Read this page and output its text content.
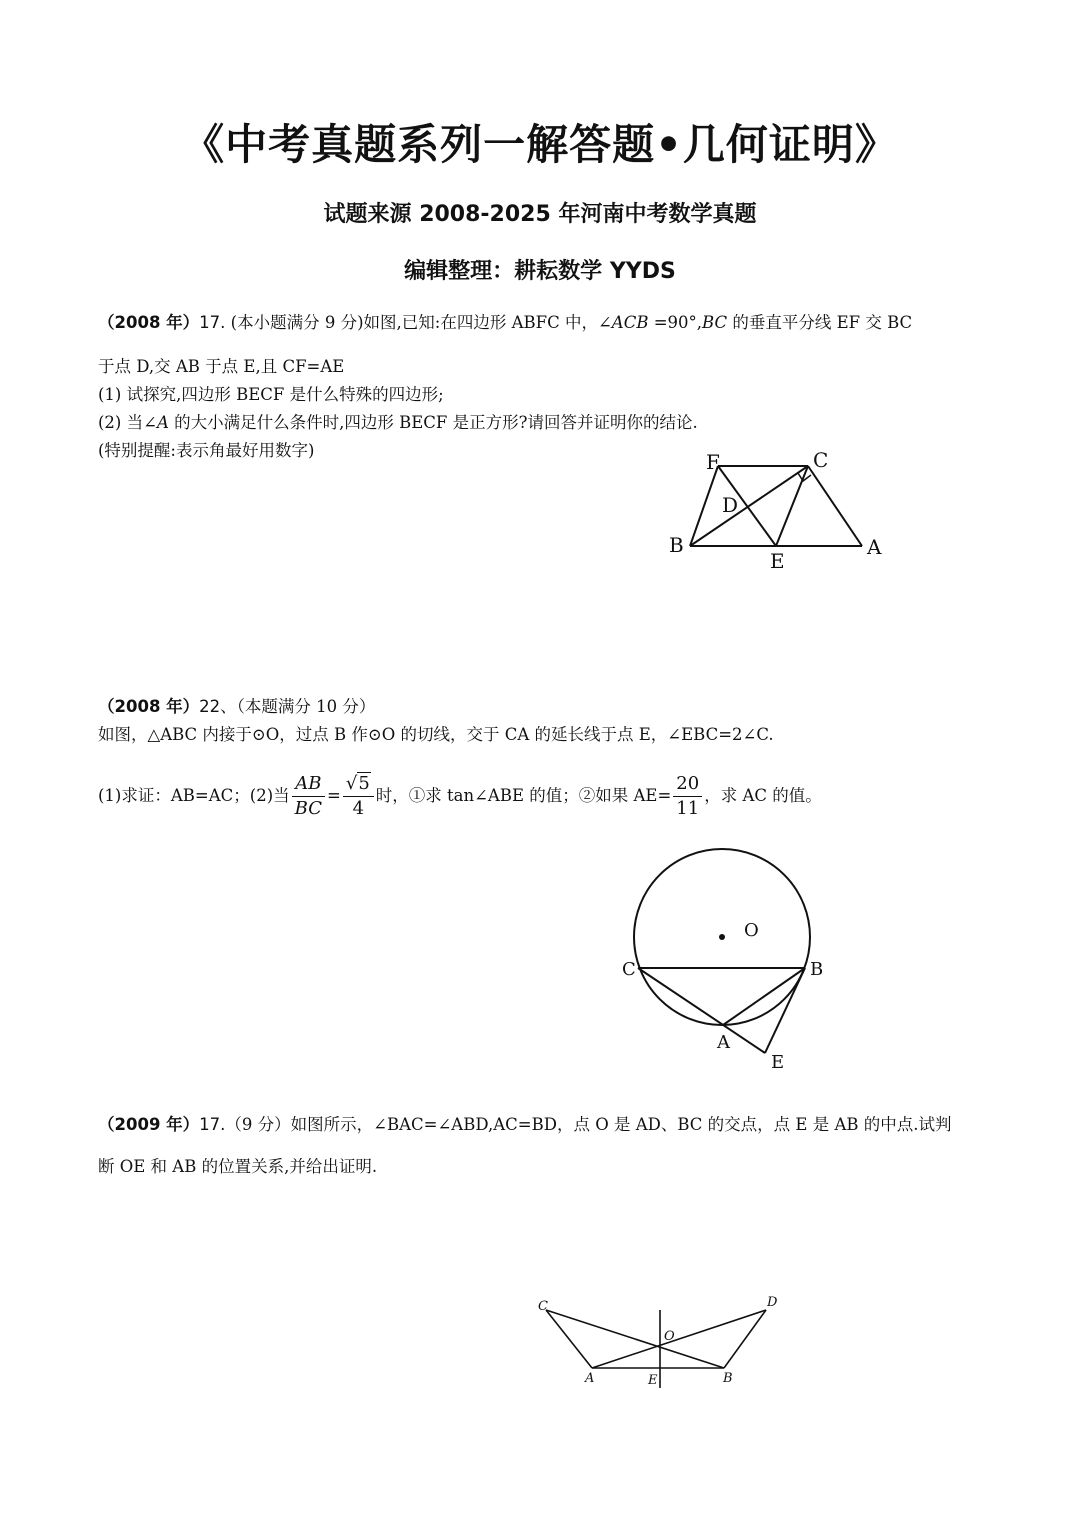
《中考真题系列一解答题•几何证明》
试题来源 2008-2025 年河南中考数学真题
编辑整理：耕耘数学 YYDS
（2008 年）17. (本小题满分 9 分)如图,已知:在四边形 ABFC 中，∠ACB =90°,BC 的垂直平分线 EF 交 BC
于点 D,交 AB 于点 E,且 CF=AE
(1) 试探究,四边形 BECF 是什么特殊的四边形;
(2) 当∠A 的大小满足什么条件时,四边形 BECF 是正方形?请回答并证明你的结论.
(特别提醒:表示角最好用数字)	F	C
D
B
E
A
（2008 年）22、（本题满分 10 分）
如图，△ABC 内接于⊙O，过点 B 作⊙O 的切线，交于 CA 的延长线于点 E，∠EBC=2∠C.
(1)求证：AB=AC；(2)当 $\frac{AB}{BC} = \frac{√5}{4}$ 时，①求 tan∠ABE 的值；②如果 $AE= \frac{20}{11}$ ，求 AC 的值。
O
C	B
A
E
（2009 年）17.（9 分）如图所示，∠BAC=∠ABD,AC=BD，点 O 是 AD、BC 的交点，点 E 是 AB 的中点.试判
断 OE 和 AB 的位置关系,并给出证明.
C	D
O
A	E	B
